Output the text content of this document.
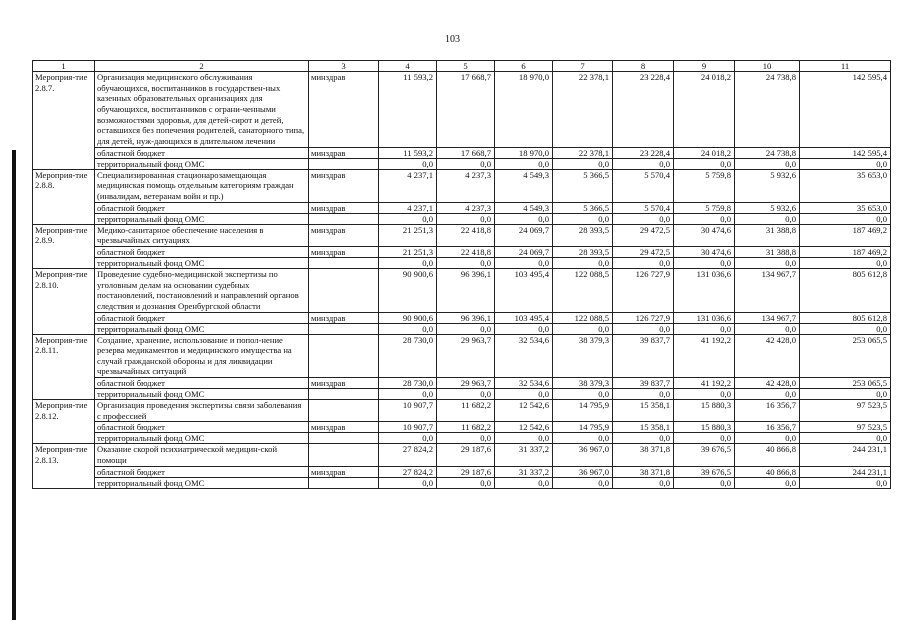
103
1	2	3	4	5	6	7	8	9	10	11
Мероприя-тие 2.8.7.	Организация медицинского обслуживания обучающихся, воспитанников в государствен-ных казенных образовательных организациях для обучающихся, воспитанников с ограни-ченными возможностями здоровья, для детей-сирот и детей, оставшихся без попечения родителей, санаторного типа, для детей, нуж-дающихся в длительном лечении	минздрав	11 593,2	17 668,7	18 970,0	22 378,1	23 228,4	24 018,2	24 738,8	142 595,4
	областной бюджет	минздрав	11 593,2	17 668,7	18 970,0	22 378,1	23 228,4	24 018,2	24 738,8	142 595,4
	территориальный фонд ОМС		0,0	0,0	0,0	0,0	0,0	0,0	0,0	0,0
Мероприя-тие 2.8.8.	Специализированная стационарозамещающая медицинская помощь отдельным категориям граждан (инвалидам, ветеранам войн и пр.)	минздрав	4 237,1	4 237,3	4 549,3	5 366,5	5 570,4	5 759,8	5 932,6	35 653,0
	областной бюджет	минздрав	4 237,1	4 237,3	4 549,3	5 366,5	5 570,4	5 759,8	5 932,6	35 653,0
	территориальный фонд ОМС		0,0	0,0	0,0	0,0	0,0	0,0	0,0	0,0
Мероприя-тие 2.8.9.	Медико-санитарное обеспечение населения в чрезвычайных ситуациях	минздрав	21 251,3	22 418,8	24 069,7	28 393,5	29 472,5	30 474,6	31 388,8	187 469,2
	областной бюджет	минздрав	21 251,3	22 418,8	24 069,7	28 393,5	29 472,5	30 474,6	31 388,8	187 469,2
	территориальный фонд ОМС		0,0	0,0	0,0	0,0	0,0	0,0	0,0	0,0
Мероприя-тие 2.8.10.	Проведение судебно-медицинской экспертизы по уголовным делам на основании судебных постановлений, постановлений и направлений органов следствия и дознания Оренбургской области		90 900,6	96 396,1	103 495,4	122 088,5	126 727,9	131 036,6	134 967,7	805 612,8
	областной бюджет	минздрав	90 900,6	96 396,1	103 495,4	122 088,5	126 727,9	131 036,6	134 967,7	805 612,8
	территориальный фонд ОМС		0,0	0,0	0,0	0,0	0,0	0,0	0,0	0,0
Мероприя-тие 2.8.11.	Создание, хранение, использование и попол-нение резерва медикаментов и медицинского имущества на случай гражданской обороны и для ликвидации чрезвычайных ситуаций		28 730,0	29 963,7	32 534,6	38 379,3	39 837,7	41 192,2	42 428,0	253 065,5
	областной бюджет	минздрав	28 730,0	29 963,7	32 534,6	38 379,3	39 837,7	41 192,2	42 428,0	253 065,5
	территориальный фонд ОМС		0,0	0,0	0,0	0,0	0,0	0,0	0,0	0,0
Мероприя-тие 2.8.12.	Организация проведения экспертизы связи заболевания с профессией		10 907,7	11 682,2	12 542,6	14 795,9	15 358,1	15 880,3	16 356,7	97 523,5
	областной бюджет	минздрав	10 907,7	11 682,2	12 542,6	14 795,9	15 358,1	15 880,3	16 356,7	97 523,5
	территориальный фонд ОМС		0,0	0,0	0,0	0,0	0,0	0,0	0,0	0,0
Мероприя-тие 2.8.13.	Оказание скорой психиатрической медицин-ской помощи		27 824,2	29 187,6	31 337,2	36 967,0	38 371,8	39 676,5	40 866,8	244 231,1
	областной бюджет	минздрав	27 824,2	29 187,6	31 337,2	36 967,0	38 371,8	39 676,5	40 866,8	244 231,1
	территориальный фонд ОМС		0,0	0,0	0,0	0,0	0,0	0,0	0,0	0,0
